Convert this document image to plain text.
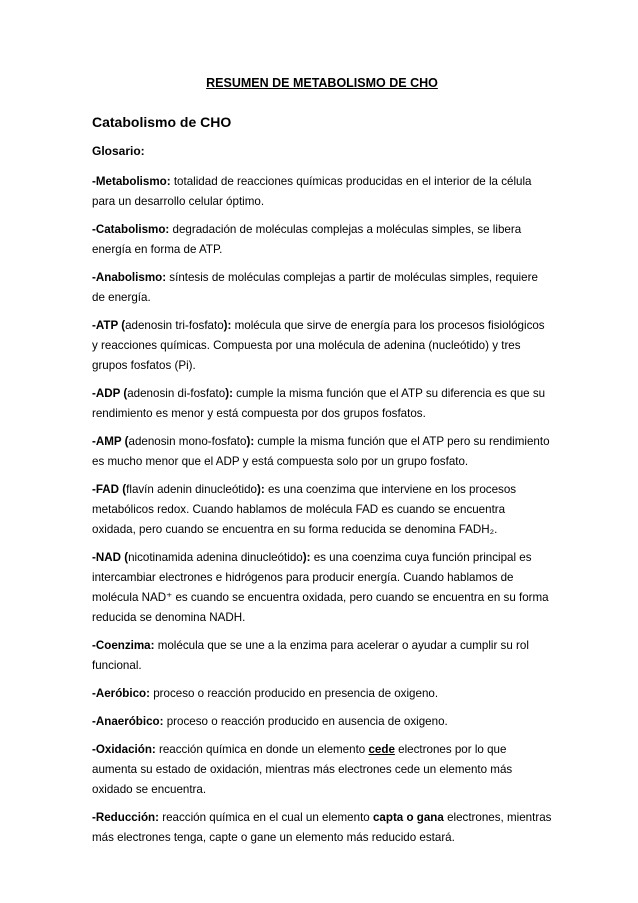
RESUMEN DE METABOLISMO DE CHO
Catabolismo de CHO
Glosario:
-Metabolismo: totalidad de reacciones químicas producidas en el interior de la célula para un desarrollo celular óptimo.
-Catabolismo: degradación de moléculas complejas a moléculas simples, se libera energía en forma de ATP.
-Anabolismo: síntesis de moléculas complejas a partir de moléculas simples, requiere de energía.
-ATP (adenosin tri-fosfato): molécula que sirve de energía para los procesos fisiológicos y reacciones químicas. Compuesta por una molécula de adenina (nucleótido) y tres grupos fosfatos (Pi).
-ADP (adenosin di-fosfato): cumple la misma función que el ATP su diferencia es que su rendimiento es menor y está compuesta por dos grupos fosfatos.
-AMP (adenosin mono-fosfato): cumple la misma función que el ATP pero su rendimiento es mucho menor que el ADP y está compuesta solo por un grupo fosfato.
-FAD (flavín adenin dinucleótido): es una coenzima que interviene en los procesos metabólicos redox. Cuando hablamos de molécula FAD es cuando se encuentra oxidada, pero cuando se encuentra en su forma reducida se denomina FADH₂.
-NAD (nicotinamida adenina dinucleótido): es una coenzima cuya función principal es intercambiar electrones e hidrógenos para producir energía. Cuando hablamos de molécula NAD⁺ es cuando se encuentra oxidada, pero cuando se encuentra en su forma reducida se denomina NADH.
-Coenzima: molécula que se une a la enzima para acelerar o ayudar a cumplir su rol funcional.
-Aeróbico: proceso o reacción producido en presencia de oxigeno.
-Anaeróbico: proceso o reacción producido en ausencia de oxigeno.
-Oxidación: reacción química en donde un elemento cede electrones por lo que aumenta su estado de oxidación, mientras más electrones cede un elemento más oxidado se encuentra.
-Reducción: reacción química en el cual un elemento capta o gana electrones, mientras más electrones tenga, capte o gane un elemento más reducido estará.
